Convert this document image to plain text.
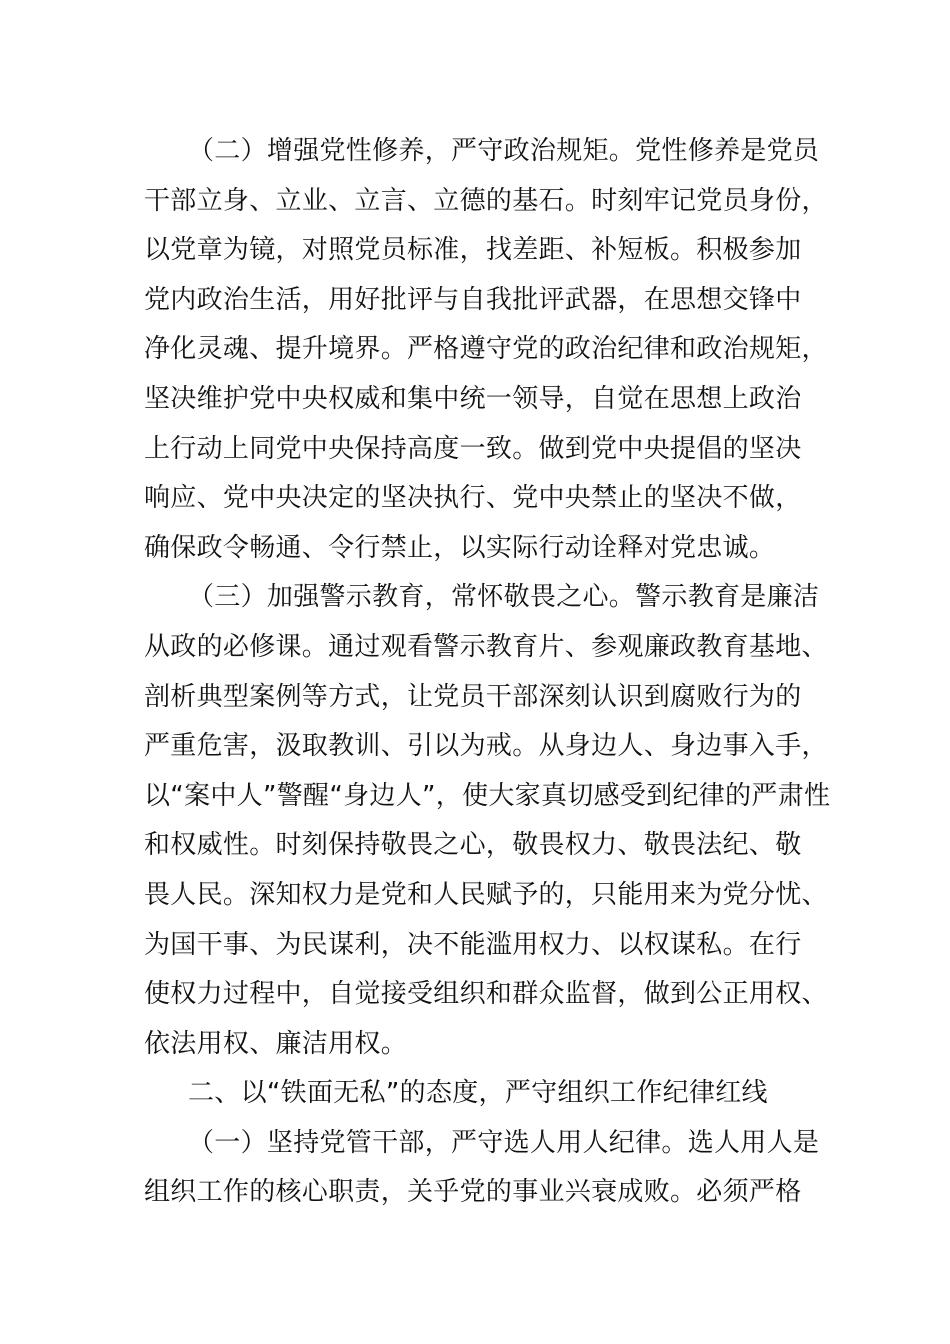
（二）增强党性修养，严守政治规矩。党性修养是党员
干部立身、立业、立言、立德的基石。时刻牢记党员身份，
以党章为镜，对照党员标准，找差距、补短板。积极参加
党内政治生活，用好批评与自我批评武器，在思想交锋中
净化灵魂、提升境界。严格遵守党的政治纪律和政治规矩，
坚决维护党中央权威和集中统一领导，自觉在思想上政治
上行动上同党中央保持高度一致。做到党中央提倡的坚决
响应、党中央决定的坚决执行、党中央禁止的坚决不做，
确保政令畅通、令行禁止，以实际行动诠释对党忠诚。
（三）加强警示教育，常怀敬畏之心。警示教育是廉洁
从政的必修课。通过观看警示教育片、参观廉政教育基地、
剖析典型案例等方式，让党员干部深刻认识到腐败行为的
严重危害，汲取教训、引以为戒。从身边人、身边事入手，
以“案中人”警醒“身边人”，使大家真切感受到纪律的严肃性
和权威性。时刻保持敬畏之心，敬畏权力、敬畏法纪、敬
畏人民。深知权力是党和人民赋予的，只能用来为党分忧、
为国干事、为民谋利，决不能滥用权力、以权谋私。在行
使权力过程中，自觉接受组织和群众监督，做到公正用权、
依法用权、廉洁用权。
二、以“铁面无私”的态度，严守组织工作纪律红线
（一）坚持党管干部，严守选人用人纪律。选人用人是
组织工作的核心职责，关乎党的事业兴衰成败。必须严格
